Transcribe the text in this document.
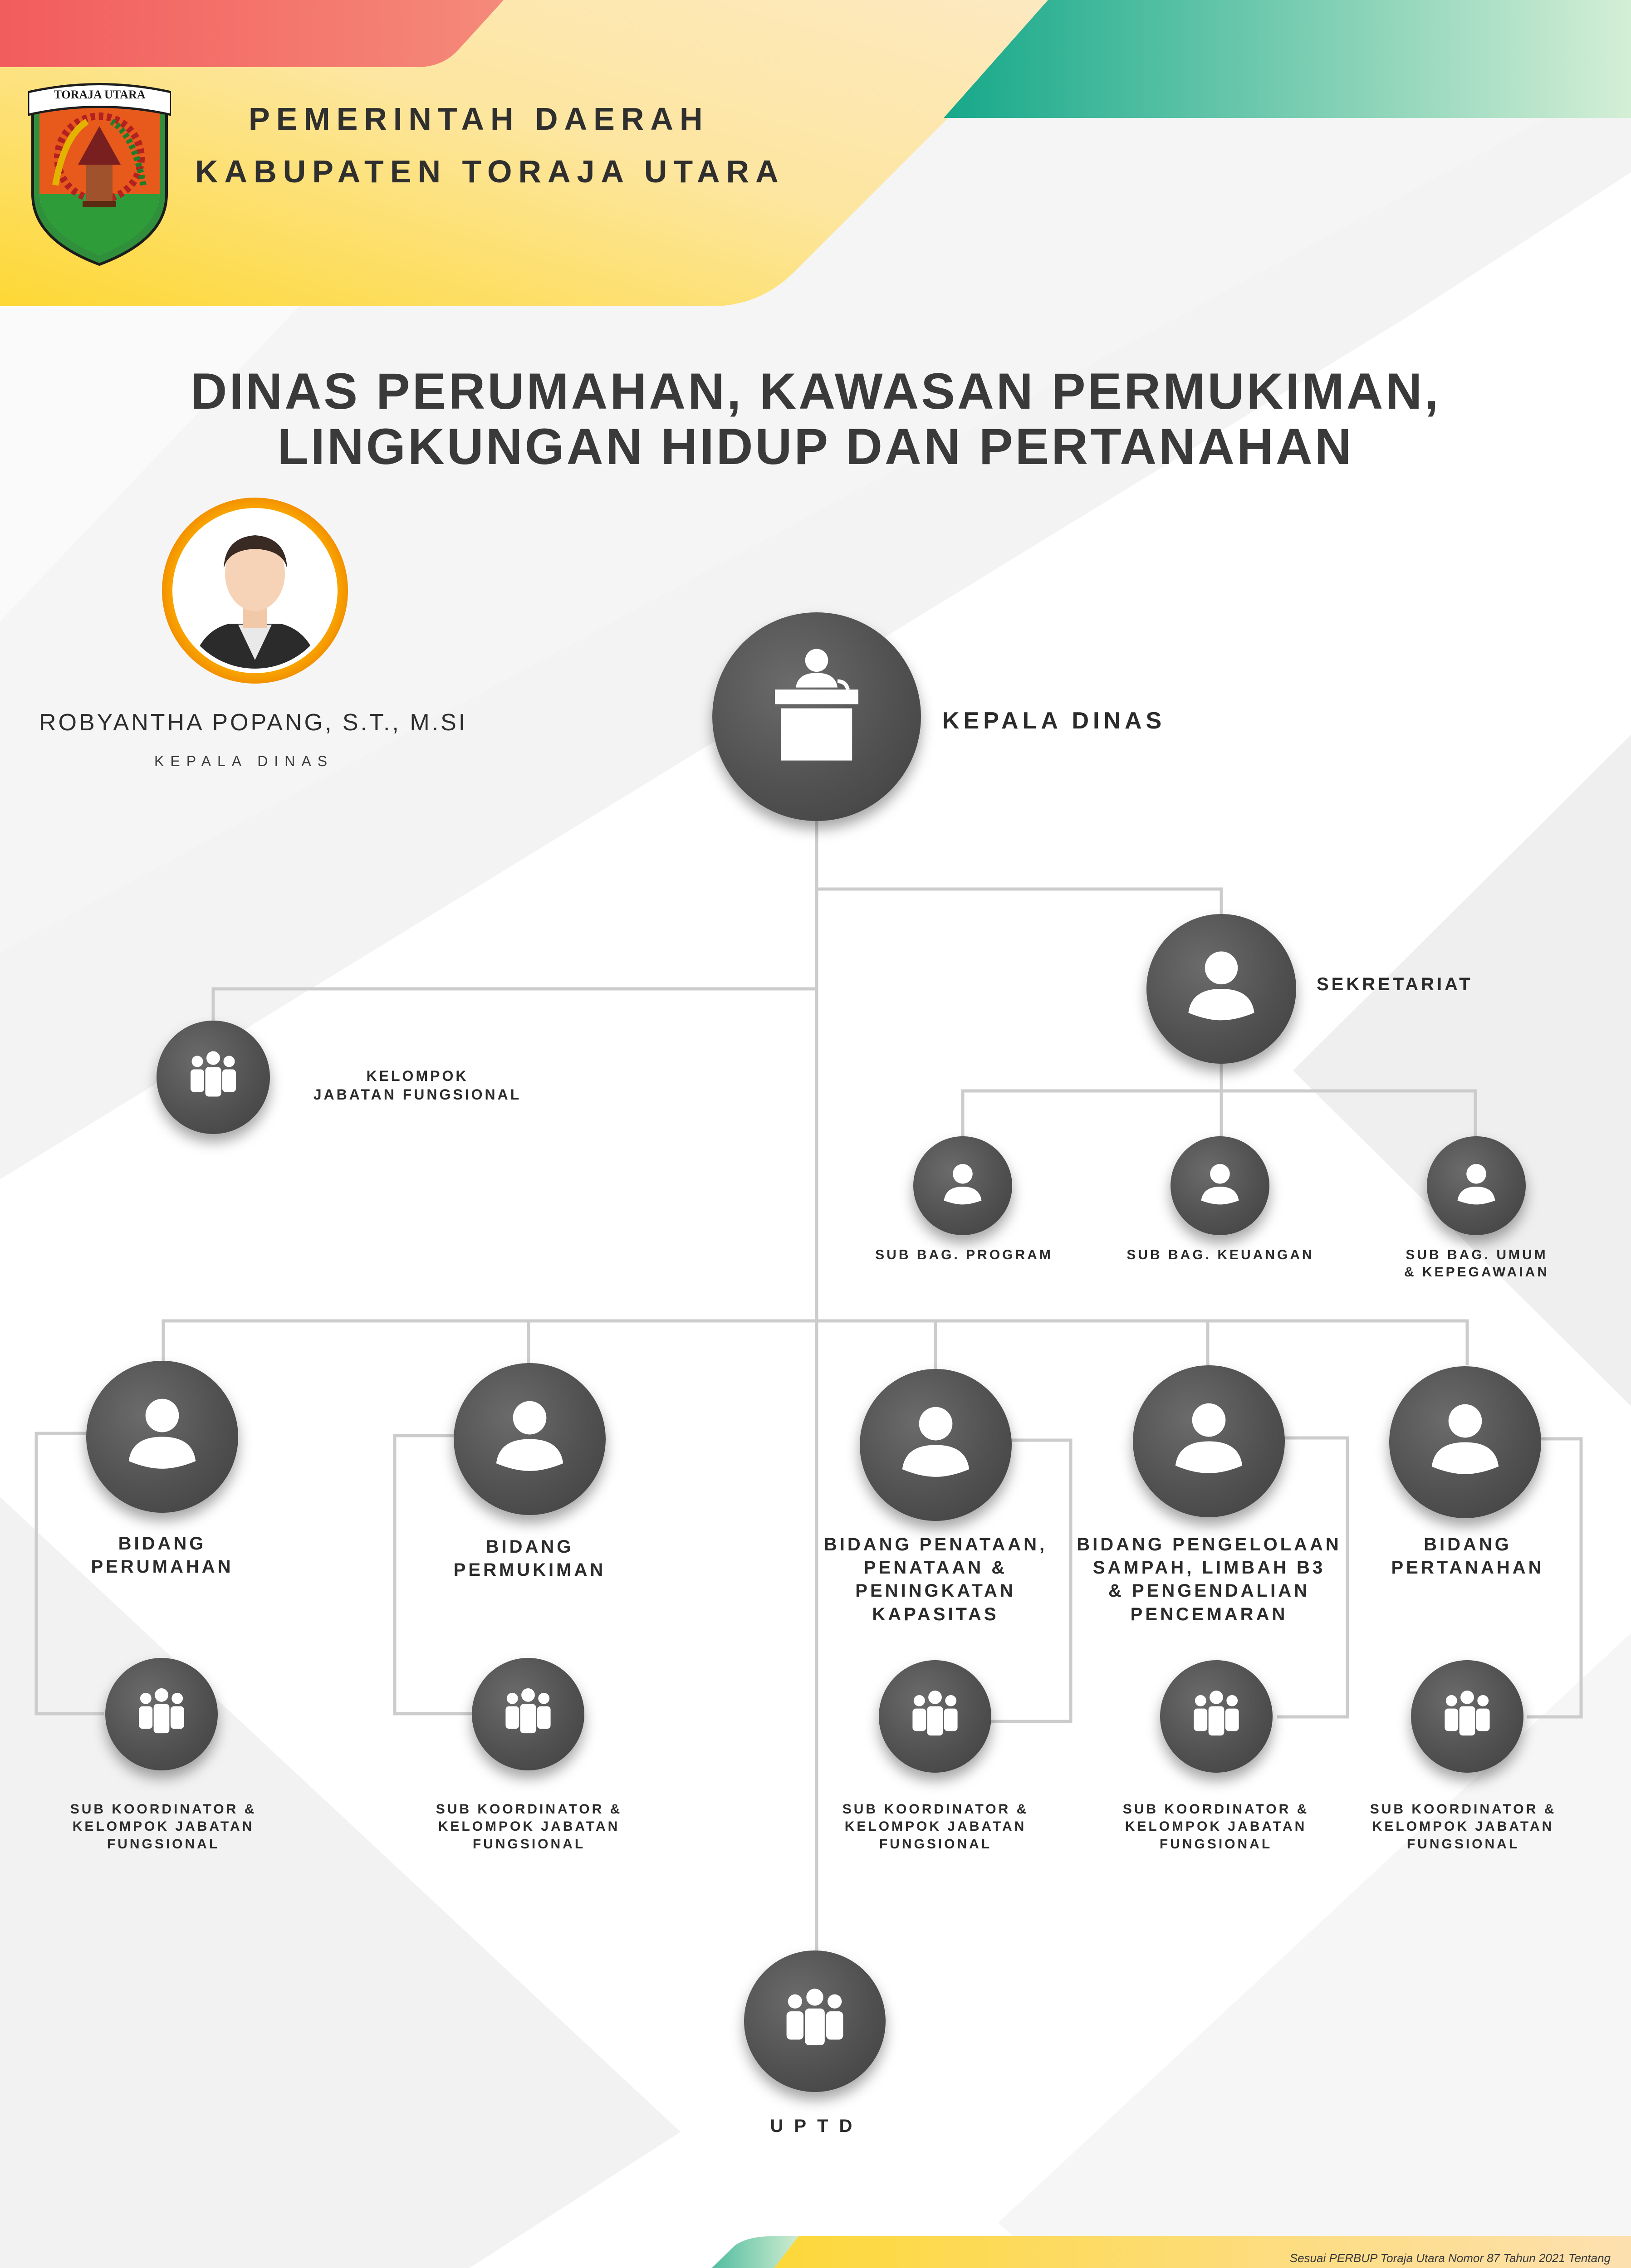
TORAJA UTARA
PEMERINTAH DAERAH
KABUPATEN TORAJA UTARA
DINAS PERUMAHAN, KAWASAN PERMUKIMAN,
LINGKUNGAN HIDUP DAN PERTANAHAN
ROBYANTHA POPANG, S.T., M.SI
KEPALA DINAS
KEPALA DINAS
SEKRETARIAT
KELOMPOK
JABATAN FUNGSIONAL
SUB BAG. PROGRAM	SUB BAG. KEUANGAN	SUB BAG. UMUM
& KEPEGAWAIAN
BIDANG
PERUMAHAN
BIDANG
PERMUKIMAN
BIDANG PENATAAN,
PENATAAN &
PENINGKATAN
KAPASITAS
BIDANG PENGELOLAAN
SAMPAH, LIMBAH B3
& PENGENDALIAN
PENCEMARAN
BIDANG
PERTANAHAN
SUB KOORDINATOR &
KELOMPOK JABATAN
FUNGSIONAL
SUB KOORDINATOR &
KELOMPOK JABATAN
FUNGSIONAL
SUB KOORDINATOR &
KELOMPOK JABATAN
FUNGSIONAL
SUB KOORDINATOR &
KELOMPOK JABATAN
FUNGSIONAL
SUB KOORDINATOR &
KELOMPOK JABATAN
FUNGSIONAL
UPTD
Sesuai PERBUP Toraja Utara Nomor 87 Tahun 2021 Tentang
